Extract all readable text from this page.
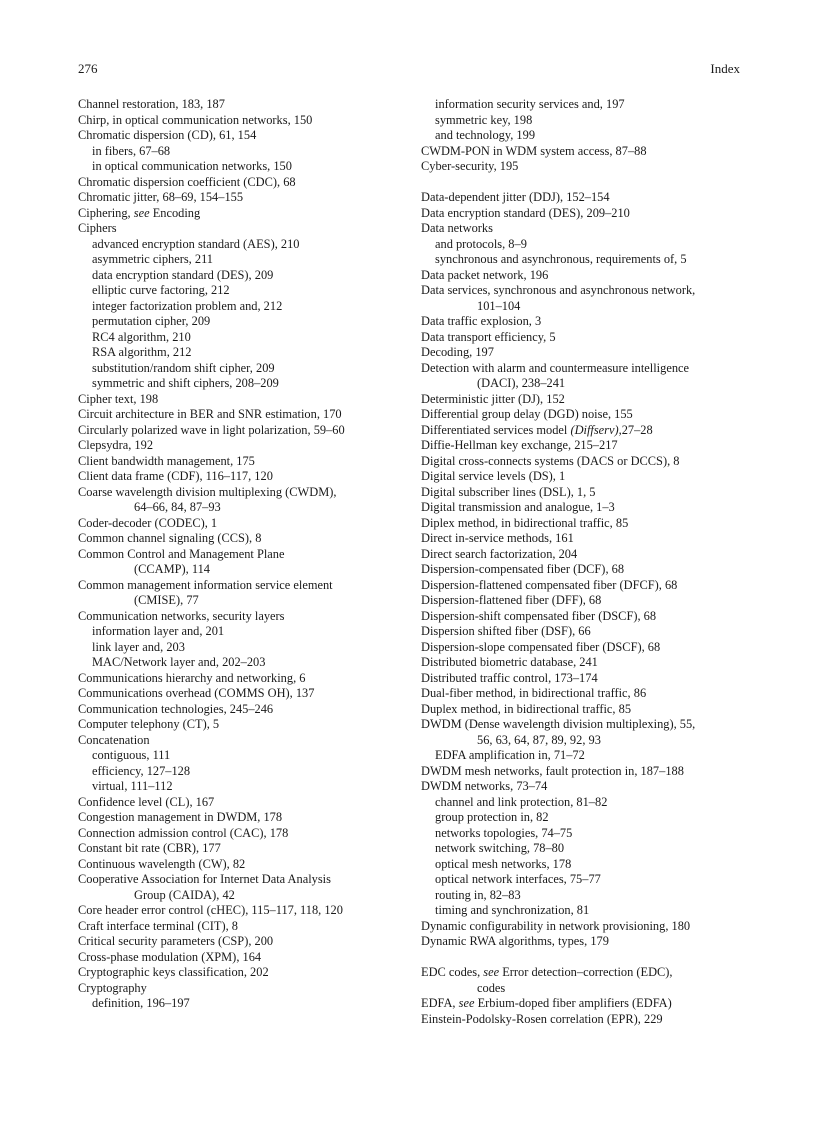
276	Index
Channel restoration, 183, 187
Chirp, in optical communication networks, 150
Chromatic dispersion (CD), 61, 154
in fibers, 67–68
in optical communication networks, 150
Chromatic dispersion coefficient (CDC), 68
Chromatic jitter, 68–69, 154–155
Ciphering, see Encoding
Ciphers
advanced encryption standard (AES), 210
asymmetric ciphers, 211
data encryption standard (DES), 209
elliptic curve factoring, 212
integer factorization problem and, 212
permutation cipher, 209
RC4 algorithm, 210
RSA algorithm, 212
substitution/random shift cipher, 209
symmetric and shift ciphers, 208–209
Cipher text, 198
Circuit architecture in BER and SNR estimation, 170
Circularly polarized wave in light polarization, 59–60
Clepsydra, 192
Client bandwidth management, 175
Client data frame (CDF), 116–117, 120
Coarse wavelength division multiplexing (CWDM),
64–66, 84, 87–93
Coder-decoder (CODEC), 1
Common channel signaling (CCS), 8
Common Control and Management Plane
(CCAMP), 114
Common management information service element
(CMISE), 77
Communication networks, security layers
information layer and, 201
link layer and, 203
MAC/Network layer and, 202–203
Communications hierarchy and networking, 6
Communications overhead (COMMS OH), 137
Communication technologies, 245–246
Computer telephony (CT), 5
Concatenation
contiguous, 111
efficiency, 127–128
virtual, 111–112
Confidence level (CL), 167
Congestion management in DWDM, 178
Connection admission control (CAC), 178
Constant bit rate (CBR), 177
Continuous wavelength (CW), 82
Cooperative Association for Internet Data Analysis
Group (CAIDA), 42
Core header error control (cHEC), 115–117, 118, 120
Craft interface terminal (CIT), 8
Critical security parameters (CSP), 200
Cross-phase modulation (XPM), 164
Cryptographic keys classification, 202
Cryptography
definition, 196–197
information security services and, 197
symmetric key, 198
and technology, 199
CWDM-PON in WDM system access, 87–88
Cyber-security, 195
Data-dependent jitter (DDJ), 152–154
Data encryption standard (DES), 209–210
Data networks
and protocols, 8–9
synchronous and asynchronous, requirements of, 5
Data packet network, 196
Data services, synchronous and asynchronous network,
101–104
Data traffic explosion, 3
Data transport efficiency, 5
Decoding, 197
Detection with alarm and countermeasure intelligence
(DACI), 238–241
Deterministic jitter (DJ), 152
Differential group delay (DGD) noise, 155
Differentiated services model (Diffserv),27–28
Diffie-Hellman key exchange, 215–217
Digital cross-connects systems (DACS or DCCS), 8
Digital service levels (DS), 1
Digital subscriber lines (DSL), 1, 5
Digital transmission and analogue, 1–3
Diplex method, in bidirectional traffic, 85
Direct in-service methods, 161
Direct search factorization, 204
Dispersion-compensated fiber (DCF), 68
Dispersion-flattened compensated fiber (DFCF), 68
Dispersion-flattened fiber (DFF), 68
Dispersion-shift compensated fiber (DSCF), 68
Dispersion shifted fiber (DSF), 66
Dispersion-slope compensated fiber (DSCF), 68
Distributed biometric database, 241
Distributed traffic control, 173–174
Dual-fiber method, in bidirectional traffic, 86
Duplex method, in bidirectional traffic, 85
DWDM (Dense wavelength division multiplexing), 55,
56, 63, 64, 87, 89, 92, 93
EDFA amplification in, 71–72
DWDM mesh networks, fault protection in, 187–188
DWDM networks, 73–74
channel and link protection, 81–82
group protection in, 82
networks topologies, 74–75
network switching, 78–80
optical mesh networks, 178
optical network interfaces, 75–77
routing in, 82–83
timing and synchronization, 81
Dynamic configurability in network provisioning, 180
Dynamic RWA algorithms, types, 179
EDC codes, see Error detection–correction (EDC),
codes
EDFA, see Erbium-doped fiber amplifiers (EDFA)
Einstein-Podolsky-Rosen correlation (EPR), 229
